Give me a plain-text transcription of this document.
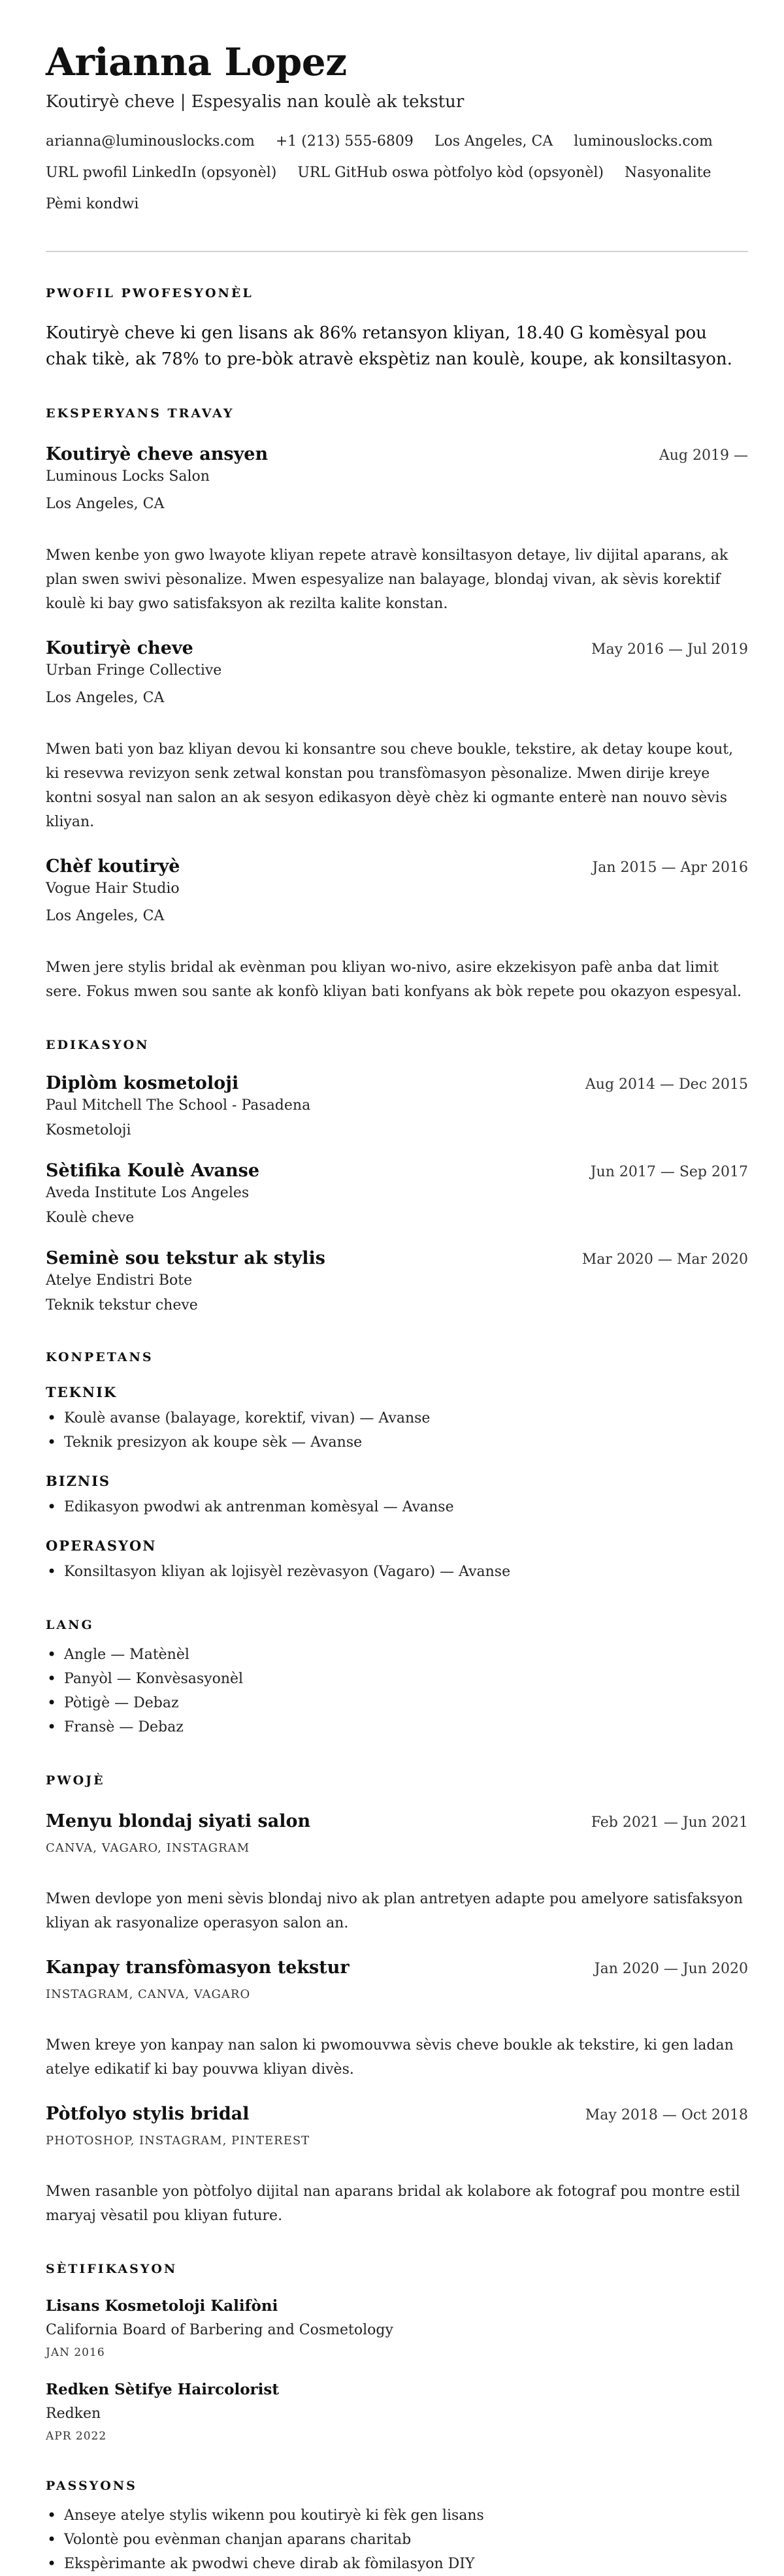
Arianna Lopez
Koutiryè cheve | Espesyalis nan koulè ak tekstur
arianna@luminouslocks.com +1 (213) 555-6809 Los Angeles, CA luminouslocks.com
URL pwofil LinkedIn (opsyonèl) URL GitHub oswa pòtfolyo kòd (opsyonèl) Nasyonalite
Pèmi kondwi
PWOFIL PWOFESYONÈL
Koutiryè cheve ki gen lisans ak 86% retansyon kliyan, 18.40 G komèsyal pou chak tikè, ak 78% to pre-bòk atravè ekspètiz nan koulè, koupe, ak konsiltasyon.
EKSPERYANS TRAVAY
Koutiryè cheve ansyen	Aug 2019 —
Luminous Locks Salon
Los Angeles, CA
Mwen kenbe yon gwo lwayote kliyan repete atravè konsiltasyon detaye, liv dijital aparans, ak plan swen swivi pèsonalize. Mwen espesyalize nan balayage, blondaj vivan, ak sèvis korektif koulè ki bay gwo satisfaksyon ak rezilta kalite konstan.
Koutiryè cheve	May 2016 — Jul 2019
Urban Fringe Collective
Los Angeles, CA
Mwen bati yon baz kliyan devou ki konsantre sou cheve boukle, tekstire, ak detay koupe kout, ki resevwa revizyon senk zetwal konstan pou transfòmasyon pèsonalize. Mwen dirije kreye kontni sosyal nan salon an ak sesyon edikasyon dèyè chèz ki ogmante enterè nan nouvo sèvis kliyan.
Chèf koutiryè	Jan 2015 — Apr 2016
Vogue Hair Studio
Los Angeles, CA
Mwen jere stylis bridal ak evènman pou kliyan wo-nivo, asire ekzekisyon pafè anba dat limit sere. Fokus mwen sou sante ak konfò kliyan bati konfyans ak bòk repete pou okazyon espesyal.
EDIKASYON
Diplòm kosmetoloji	Aug 2014 — Dec 2015
Paul Mitchell The School - Pasadena
Kosmetoloji
Sètifika Koulè Avanse	Jun 2017 — Sep 2017
Aveda Institute Los Angeles
Koulè cheve
Seminè sou tekstur ak stylis	Mar 2020 — Mar 2020
Atelye Endistri Bote
Teknik tekstur cheve
KONPETANS
TEKNIK
• Koulè avanse (balayage, korektif, vivan) — Avanse
• Teknik presizyon ak koupe sèk — Avanse
BIZNIS
• Edikasyon pwodwi ak antrenman komèsyal — Avanse
OPERASYON
• Konsiltasyon kliyan ak lojisyèl rezèvasyon (Vagaro) — Avanse
LANG
• Angle — Matènèl
• Panyòl — Konvèsasyonèl
• Pòtigè — Debaz
• Fransè — Debaz
PWOJÈ
Menyu blondaj siyati salon	Feb 2021 — Jun 2021
CANVA, VAGARO, INSTAGRAM
Mwen devlope yon meni sèvis blondaj nivo ak plan antretyen adapte pou amelyore satisfaksyon kliyan ak rasyonalize operasyon salon an.
Kanpay transfòmasyon tekstur	Jan 2020 — Jun 2020
INSTAGRAM, CANVA, VAGARO
Mwen kreye yon kanpay nan salon ki pwomouvwa sèvis cheve boukle ak tekstire, ki gen ladan atelye edikatif ki bay pouvwa kliyan divès.
Pòtfolyo stylis bridal	May 2018 — Oct 2018
PHOTOSHOP, INSTAGRAM, PINTEREST
Mwen rasanble yon pòtfolyo dijital nan aparans bridal ak kolabore ak fotograf pou montre estil maryaj vèsatil pou kliyan future.
SÈTIFIKASYON
Lisans Kosmetoloji Kalifòni
California Board of Barbering and Cosmetology
JAN 2016
Redken Sètifye Haircolorist
Redken
APR 2022
PASSYONS
• Anseye atelye stylis wikenn pou koutiryè ki fèk gen lisans
• Volontè pou evènman chanjan aparans charitab
• Ekspèrimante ak pwodwi cheve dirab ak fòmilasyon DIY
